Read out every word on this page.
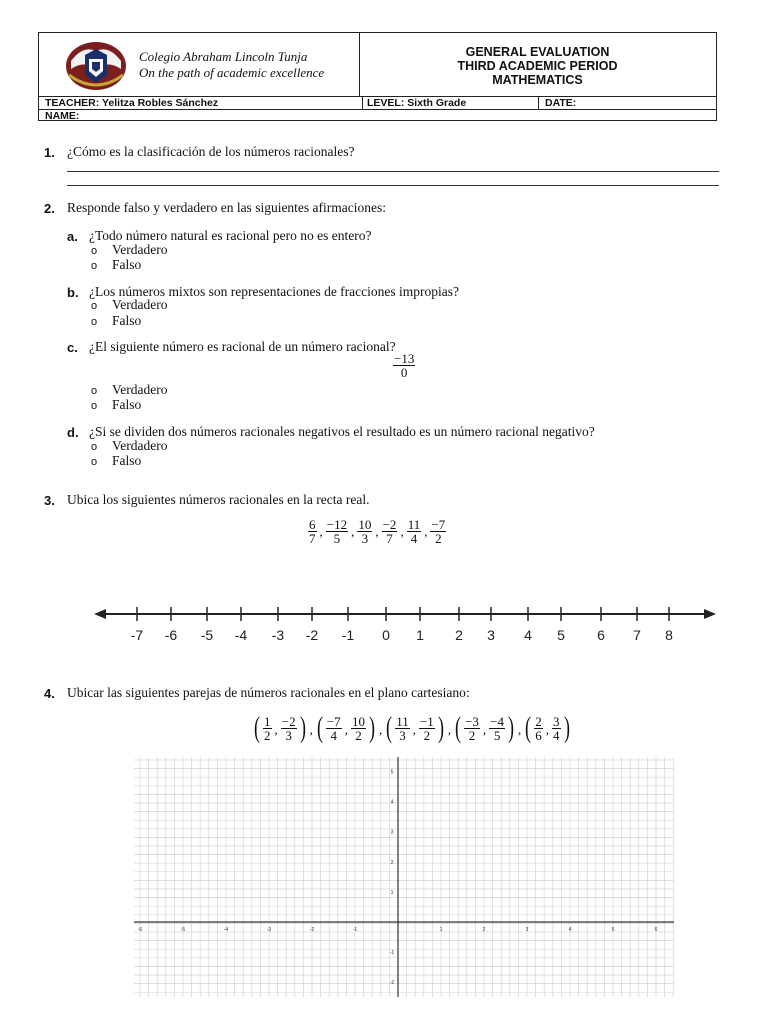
Colegio Abraham Lincoln Tunja
On the path of academic excellence
GENERAL EVALUATION
THIRD ACADEMIC PERIOD
MATHEMATICS
TEACHER: Yelitza Robles Sánchez	LEVEL: Sixth Grade	DATE:
NAME:
1. ¿Cómo es la clasificación de los números racionales?
2. Responde falso y verdadero en las siguientes afirmaciones:
a. ¿Todo número natural es racional pero no es entero?
o Verdadero
o Falso
b. ¿Los números mixtos son representaciones de fracciones impropias?
o Verdadero
o Falso
c. ¿El siguiente número es racional de un número racional?
$\frac{-13}{0}$
o Verdadero
o Falso
d. ¿Si se dividen dos números racionales negativos el resultado es un número racional negativo?
o Verdadero
o Falso
3. Ubica los siguientes números racionales en la recta real.
$\frac{6}{7}$ , $\frac{-12}{5}$ , $\frac{10}{3}$ , $\frac{-2}{7}$ , $\frac{11}{4}$ , $\frac{-7}{2}$
-7 -6 -5 -4 -3 -2 -1 0 1 2 3 4 5 6 7 8
4. Ubicar las siguientes parejas de números racionales en el plano cartesiano:
( $\frac{1}{2}$ , $\frac{-2}{3}$ ) , ( $\frac{-7}{4}$ , $\frac{10}{2}$ ) , ( $\frac{11}{3}$ , $\frac{-1}{2}$ ) , ( $\frac{-3}{2}$ , $\frac{-4}{5}$ ) , ( $\frac{2}{6}$ , $\frac{3}{4}$ )
-6	-5	-4	-3	-2	-1	1	2	3	4	5	6
5
4
3
2
1
-1
-2
